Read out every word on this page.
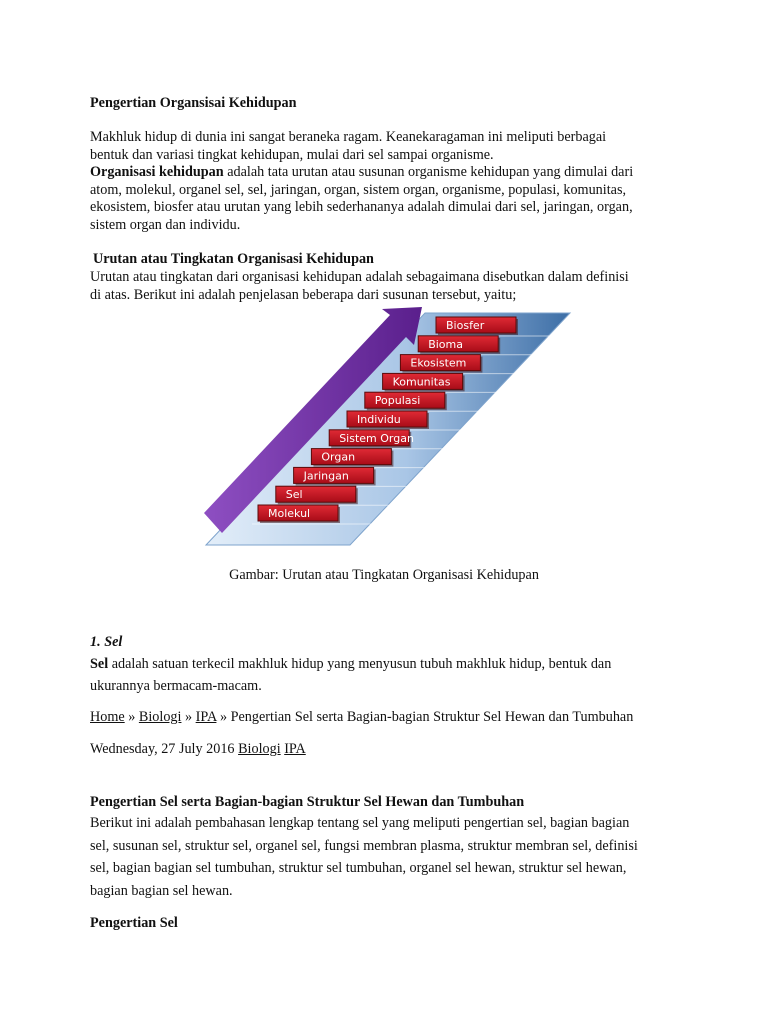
Pengertian Organsisai Kehidupan

Makhluk hidup di dunia ini sangat beraneka ragam. Keanekaragaman ini meliputi berbagai

bentuk dan variasi tingkat kehidupan, mulai dari sel sampai organisme.

Organisasi kehidupan adalah tata urutan atau susunan organisme kehidupan yang dimulai dari

atom, molekul, organel sel, sel, jaringan, organ, sistem organ, organisme, populasi, komunitas,

ekosistem, biosfer atau urutan yang lebih sederhananya adalah dimulai dari sel, jaringan, organ,

sistem organ dan individu.

Urutan atau Tingkatan Organisasi Kehidupan

Urutan atau tingkatan dari organisasi kehidupan adalah sebagaimana disebutkan dalam definisi

di atas. Berikut ini adalah penjelasan beberapa dari susunan tersebut, yaitu;

Biosfer
Bioma
Ekosistem
Komunitas
Populasi
Individu
Sistem Organ
Organ
Jaringan
Sel
Molekul
Gambar: Urutan atau Tingkatan Organisasi Kehidupan
1. Sel

Sel adalah satuan terkecil makhluk hidup yang menyusun tubuh makhluk hidup, bentuk dan

ukurannya bermacam-macam.

Home » Biologi » IPA » Pengertian Sel serta Bagian-bagian Struktur Sel Hewan dan Tumbuhan
Wednesday, 27 July 2016 Biologi IPA
Pengertian Sel serta Bagian-bagian Struktur Sel Hewan dan Tumbuhan

Berikut ini adalah pembahasan lengkap tentang sel yang meliputi pengertian sel, bagian bagian

sel, susunan sel, struktur sel, organel sel, fungsi membran plasma, struktur membran sel, definisi

sel, bagian bagian sel tumbuhan, struktur sel tumbuhan, organel sel hewan, struktur sel hewan,

bagian bagian sel hewan.

Pengertian Sel
